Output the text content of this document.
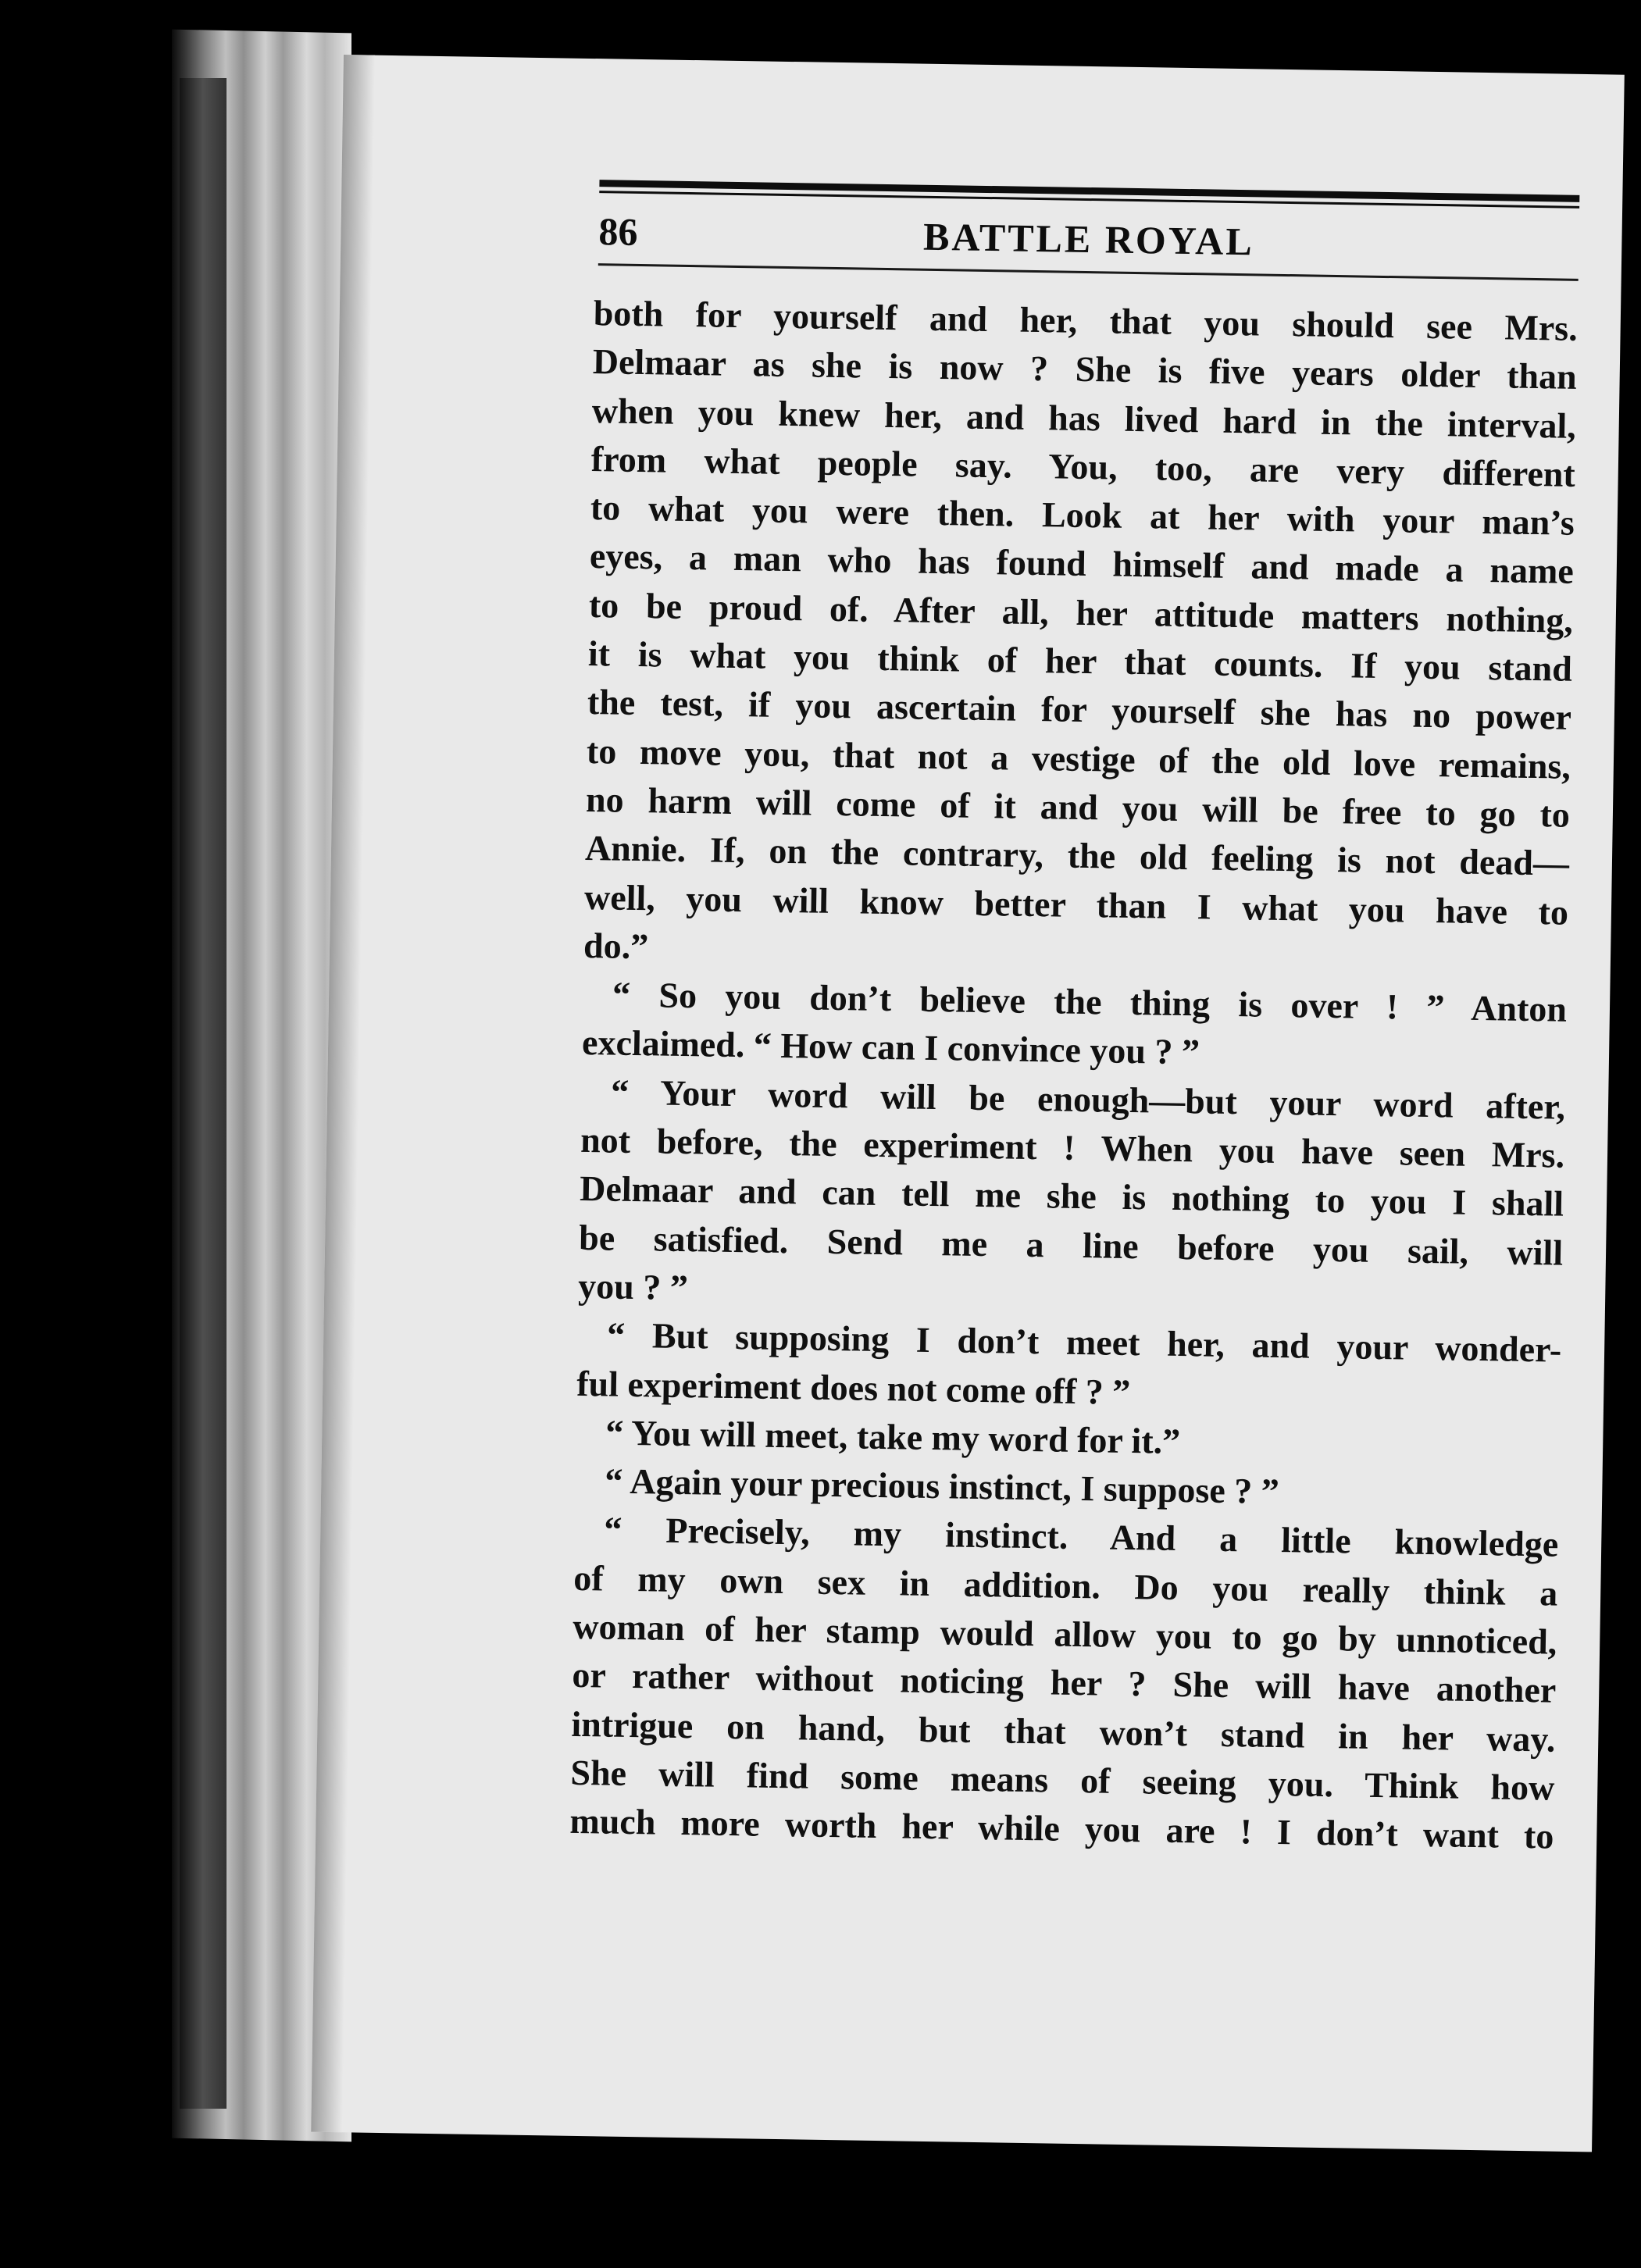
86	BATTLE ROYAL
both for yourself and her, that you should see Mrs.
Delmaar as she is now ? She is five years older than
when you knew her, and has lived hard in the interval,
from what people say. You, too, are very different
to what you were then. Look at her with your man’s
eyes, a man who has found himself and made a name
to be proud of. After all, her attitude matters nothing,
it is what you think of her that counts. If you stand
the test, if you ascertain for yourself she has no power
to move you, that not a vestige of the old love remains,
no harm will come of it and you will be free to go to
Annie. If, on the contrary, the old feeling is not dead—
well, you will know better than I what you have to
do.”
“ So you don’t believe the thing is over ! ” Anton
exclaimed. “ How can I convince you ? ”
“ Your word will be enough—but your word after,
not before, the experiment ! When you have seen Mrs.
Delmaar and can tell me she is nothing to you I shall
be satisfied. Send me a line before you sail, will
you ? ”
“ But supposing I don’t meet her, and your wonder-
ful experiment does not come off ? ”
“ You will meet, take my word for it.”
“ Again your precious instinct, I suppose ? ”
“ Precisely, my instinct. And a little knowledge
of my own sex in addition. Do you really think a
woman of her stamp would allow you to go by unnoticed,
or rather without noticing her ? She will have another
intrigue on hand, but that won’t stand in her way.
She will find some means of seeing you. Think how
much more worth her while you are ! I don’t want to
